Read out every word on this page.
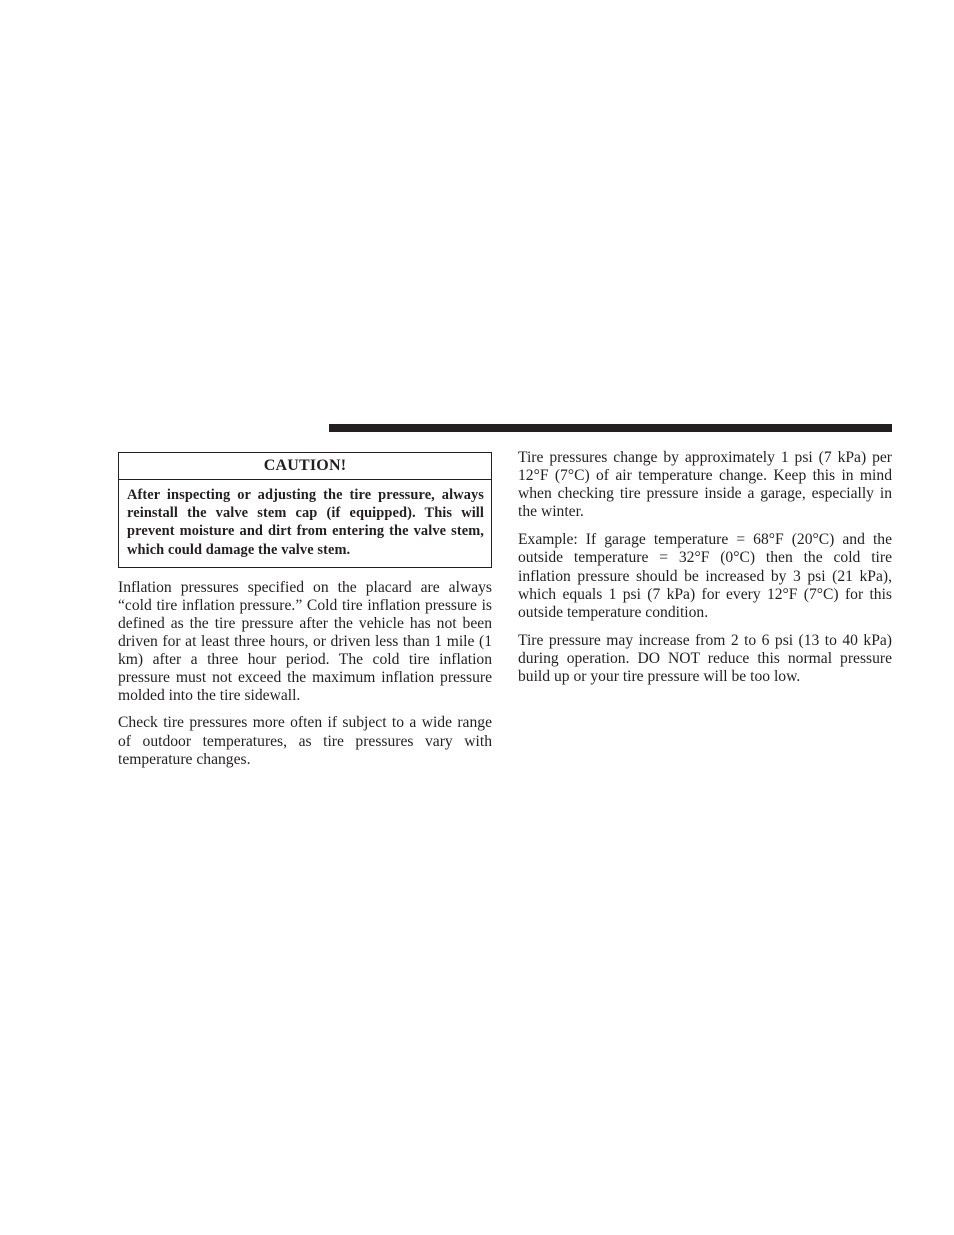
CAUTION!
After inspecting or adjusting the tire pressure, always reinstall the valve stem cap (if equipped). This will prevent moisture and dirt from entering the valve stem, which could damage the valve stem.

Inflation pressures specified on the placard are always “cold tire inflation pressure.” Cold tire inflation pressure is defined as the tire pressure after the vehicle has not been driven for at least three hours, or driven less than 1 mile (1 km) after a three hour period. The cold tire inflation pressure must not exceed the maximum inflation pressure molded into the tire sidewall.

Check tire pressures more often if subject to a wide range of outdoor temperatures, as tire pressures vary with temperature changes.

Tire pressures change by approximately 1 psi (7 kPa) per 12°F (7°C) of air temperature change. Keep this in mind when checking tire pressure inside a garage, especially in the winter.

Example: If garage temperature = 68°F (20°C) and the outside temperature = 32°F (0°C) then the cold tire inflation pressure should be increased by 3 psi (21 kPa), which equals 1 psi (7 kPa) for every 12°F (7°C) for this outside temperature condition.

Tire pressure may increase from 2 to 6 psi (13 to 40 kPa) during operation. DO NOT reduce this normal pressure build up or your tire pressure will be too low.
